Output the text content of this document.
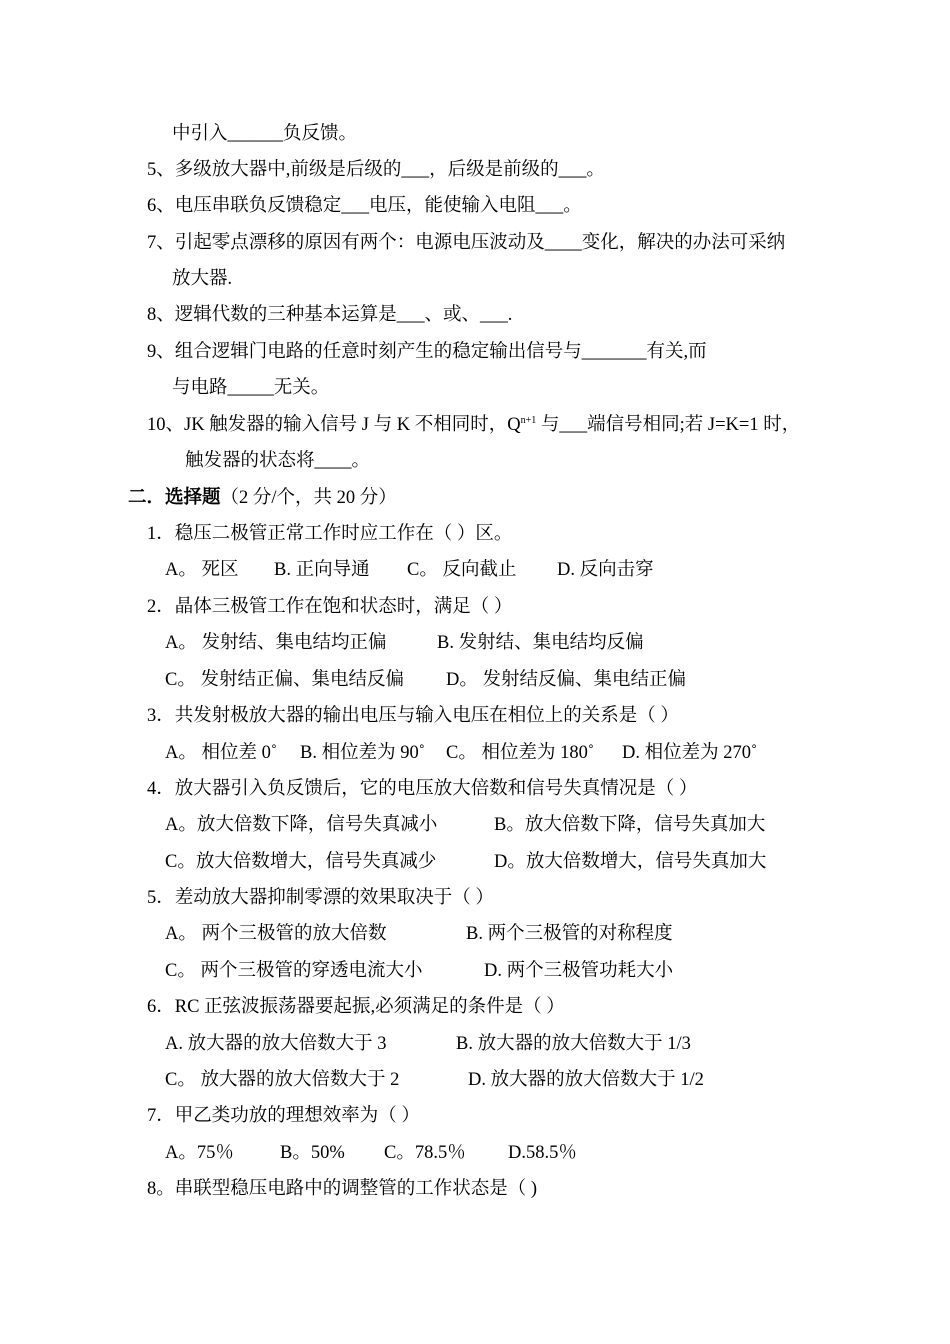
中引入______负反馈。
5、多级放大器中,前级是后级的___，后级是前级的___。
6、电压串联负反馈稳定___电压，能使输入电阻___。
7、引起零点漂移的原因有两个：电源电压波动及____变化，解决的办法可采纳
放大器.
8、逻辑代数的三种基本运算是___、或、___.
9、组合逻辑门电路的任意时刻产生的稳定输出信号与_______有关,而
与电路_____无关。
10、JK 触发器的输入信号 J 与 K 不相同时，$Q^{n+1}$ 与___端信号相同;若 J=K=1 时，
触发器的状态将____。
二．选择题（2 分/个，共 20 分）
1．稳压二极管正常工作时应工作在（ ）区。
A。 死区 B. 正向导通 C。 反向截止 D. 反向击穿
2．晶体三极管工作在饱和状态时，满足（ ）
A。 发射结、集电结均正偏	B. 发射结、集电结均反偏
C。 发射结正偏、集电结反偏 D。 发射结反偏、集电结正偏
3．共发射极放大器的输出电压与输入电压在相位上的关系是（ ）
A。 相位差 0˚ B. 相位差为 90˚ C。 相位差为 180˚ D. 相位差为 270˚
4．放大器引入负反馈后，它的电压放大倍数和信号失真情况是（ ）
A。放大倍数下降，信号失真减小	B。放大倍数下降，信号失真加大
C。放大倍数增大，信号失真减少	D。放大倍数增大，信号失真加大
5．差动放大器抑制零漂的效果取决于（ ）
A。 两个三极管的放大倍数	B. 两个三极管的对称程度
C。 两个三极管的穿透电流大小	D. 两个三极管功耗大小
6．RC 正弦波振荡器要起振,必须满足的条件是（ ）
A. 放大器的放大倍数大于 3	B. 放大器的放大倍数大于 1/3
C。 放大器的放大倍数大于 2	D. 放大器的放大倍数大于 1/2
7．甲乙类功放的理想效率为（ ）
A。75％ B。50% C。78.5％ D.58.5％
8。串联型稳压电路中的调整管的工作状态是（ )
